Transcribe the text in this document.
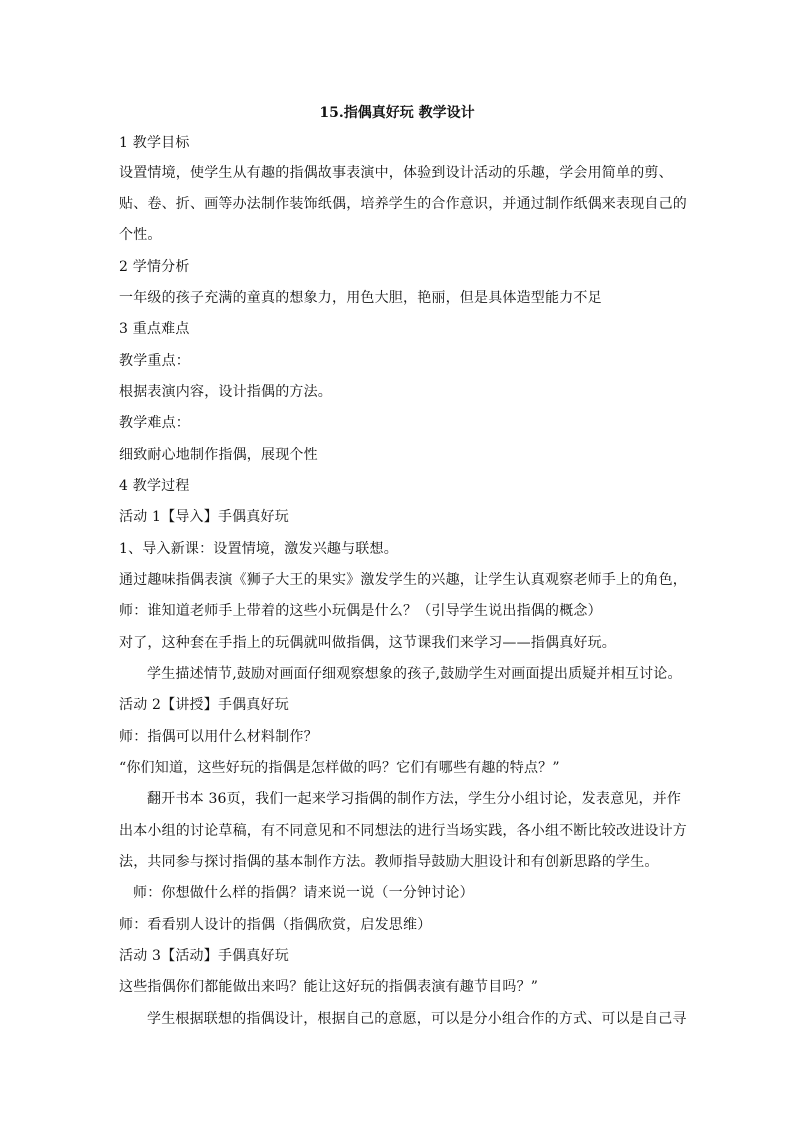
15.指偶真好玩 教学设计
1 教学目标
设置情境，使学生从有趣的指偶故事表演中，体验到设计活动的乐趣，学会用简单的剪、
贴、卷、折、画等办法制作装饰纸偶，培养学生的合作意识，并通过制作纸偶来表现自己的
个性。
2 学情分析
一年级的孩子充满的童真的想象力，用色大胆，艳丽，但是具体造型能力不足
3 重点难点
教学重点：
根据表演内容，设计指偶的方法。
教学难点：
细致耐心地制作指偶，展现个性
4 教学过程
活动 1【导入】手偶真好玩
1、导入新课：设置情境，激发兴趣与联想。
通过趣味指偶表演《狮子大王的果实》激发学生的兴趣，让学生认真观察老师手上的角色，
师：谁知道老师手上带着的这些小玩偶是什么？（引导学生说出指偶的概念）
对了，这种套在手指上的玩偶就叫做指偶，这节课我们来学习——指偶真好玩。
学生描述情节,鼓励对画面仔细观察想象的孩子,鼓励学生对画面提出质疑并相互讨论。
活动 2【讲授】手偶真好玩
师：指偶可以用什么材料制作？
“你们知道，这些好玩的指偶是怎样做的吗？它们有哪些有趣的特点？”
翻开书本 36页，我们一起来学习指偶的制作方法，学生分小组讨论，发表意见，并作
出本小组的讨论草稿，有不同意见和不同想法的进行当场实践，各小组不断比较改进设计方
法，共同参与探讨指偶的基本制作方法。教师指导鼓励大胆设计和有创新思路的学生。
师：你想做什么样的指偶？请来说一说（一分钟讨论）
师：看看别人设计的指偶（指偶欣赏，启发思维）
活动 3【活动】手偶真好玩
这些指偶你们都能做出来吗？能让这好玩的指偶表演有趣节目吗？”
学生根据联想的指偶设计，根据自己的意愿，可以是分小组合作的方式、可以是自己寻
